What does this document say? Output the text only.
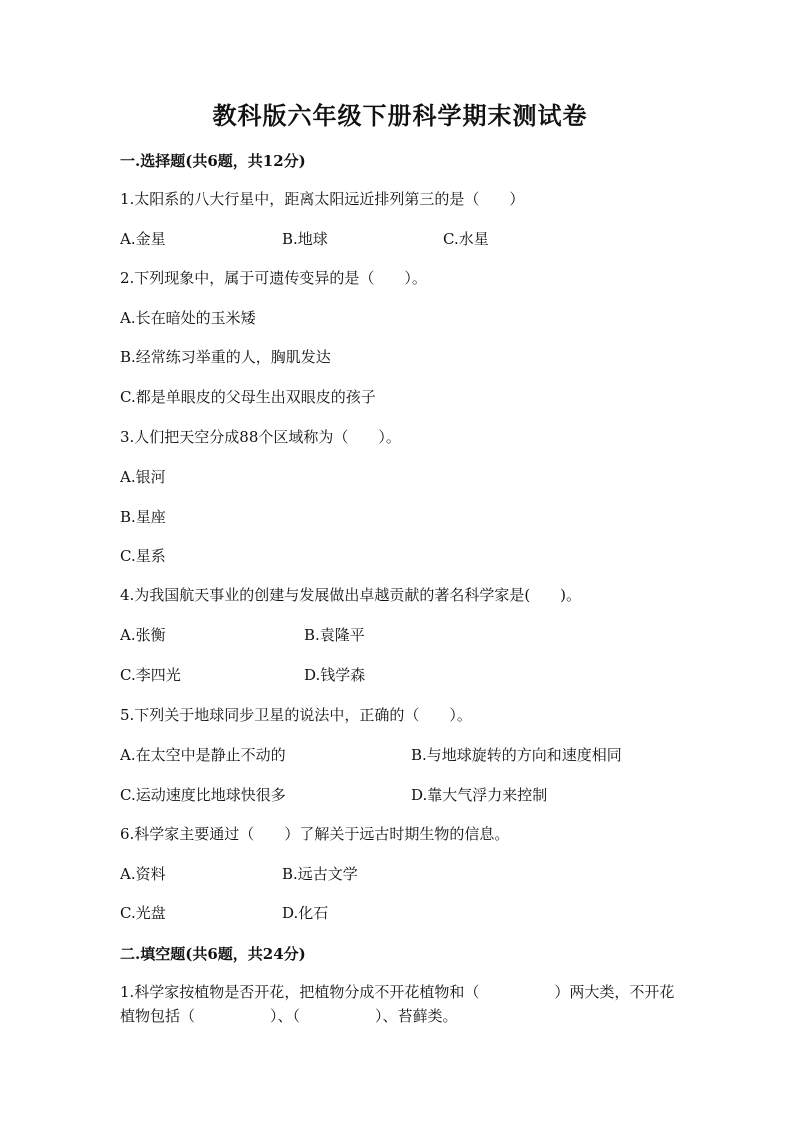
教科版六年级下册科学期末测试卷
一.选择题(共6题，共12分)
1.太阳系的八大行星中，距离太阳远近排列第三的是（　　）
A.金星	B.地球	C.水星
2.下列现象中，属于可遗传变异的是（　　）。
A.长在暗处的玉米矮
B.经常练习举重的人，胸肌发达
C.都是单眼皮的父母生出双眼皮的孩子
3.人们把天空分成88个区域称为（　　）。
A.银河
B.星座
C.星系
4.为我国航天事业的创建与发展做出卓越贡献的著名科学家是(　　)。
A.张衡	B.袁隆平
C.李四光	D.钱学森
5.下列关于地球同步卫星的说法中，正确的（　　）。
A.在太空中是静止不动的	B.与地球旋转的方向和速度相同
C.运动速度比地球快很多	D.靠大气浮力来控制
6.科学家主要通过（　　）了解关于远古时期生物的信息。
A.资料	B.远古文学
C.光盘	D.化石
二.填空题(共6题，共24分)
1.科学家按植物是否开花，把植物分成不开花植物和（　　　　　）两大类，不开花植物包括（　　　　　）、（　　　　　）、苔藓类。
